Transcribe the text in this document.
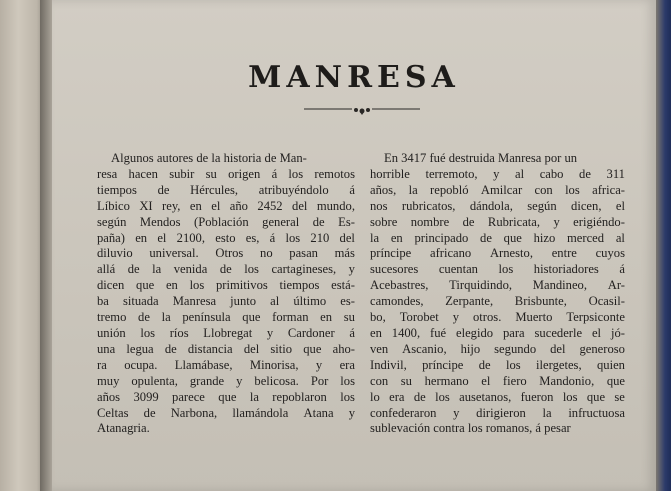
MANRESA
Algunos autores de la historia de Man-
resa hacen subir su origen á los remotos
tiempos de Hércules, atribuyéndolo á
Líbico XI rey, en el año 2452 del mundo,
según Mendos (Población general de Es-
paña) en el 2100, esto es, á los 210 del
diluvio universal. Otros no pasan más
allá de la venida de los cartagineses, y
dicen que en los primitivos tiempos está-
ba situada Manresa junto al último es-
tremo de la península que forman en su
unión los ríos Llobregat y Cardoner á
una legua de distancia del sitio que aho-
ra ocupa. Llamábase, Minorisa, y era
muy opulenta, grande y belicosa. Por los
años 3099 parece que la repoblaron los
Celtas de Narbona, llamándola Atana y
Atanagria.
En 3417 fué destruida Manresa por un
horrible terremoto, y al cabo de 311
años, la repobló Amilcar con los africa-
nos rubricatos, dándola, según dicen, el
sobre nombre de Rubricata, y erigiéndo-
la en principado de que hizo merced al
príncipe africano Arnesto, entre cuyos
sucesores cuentan los historiadores á
Acebastres, Tirquidindo, Mandineo, Ar-
camondes, Zerpante, Brisbunte, Ocasil-
bo, Torobet y otros. Muerto Terpsiconte
en 1400, fué elegido para sucederle el jó-
ven Ascanio, hijo segundo del generoso
Indivil, príncipe de los ilergetes, quien
con su hermano el fiero Mandonio, que
lo era de los ausetanos, fueron los que se
confederaron y dirigieron la infructuosa
sublevación contra los romanos, á pesar
